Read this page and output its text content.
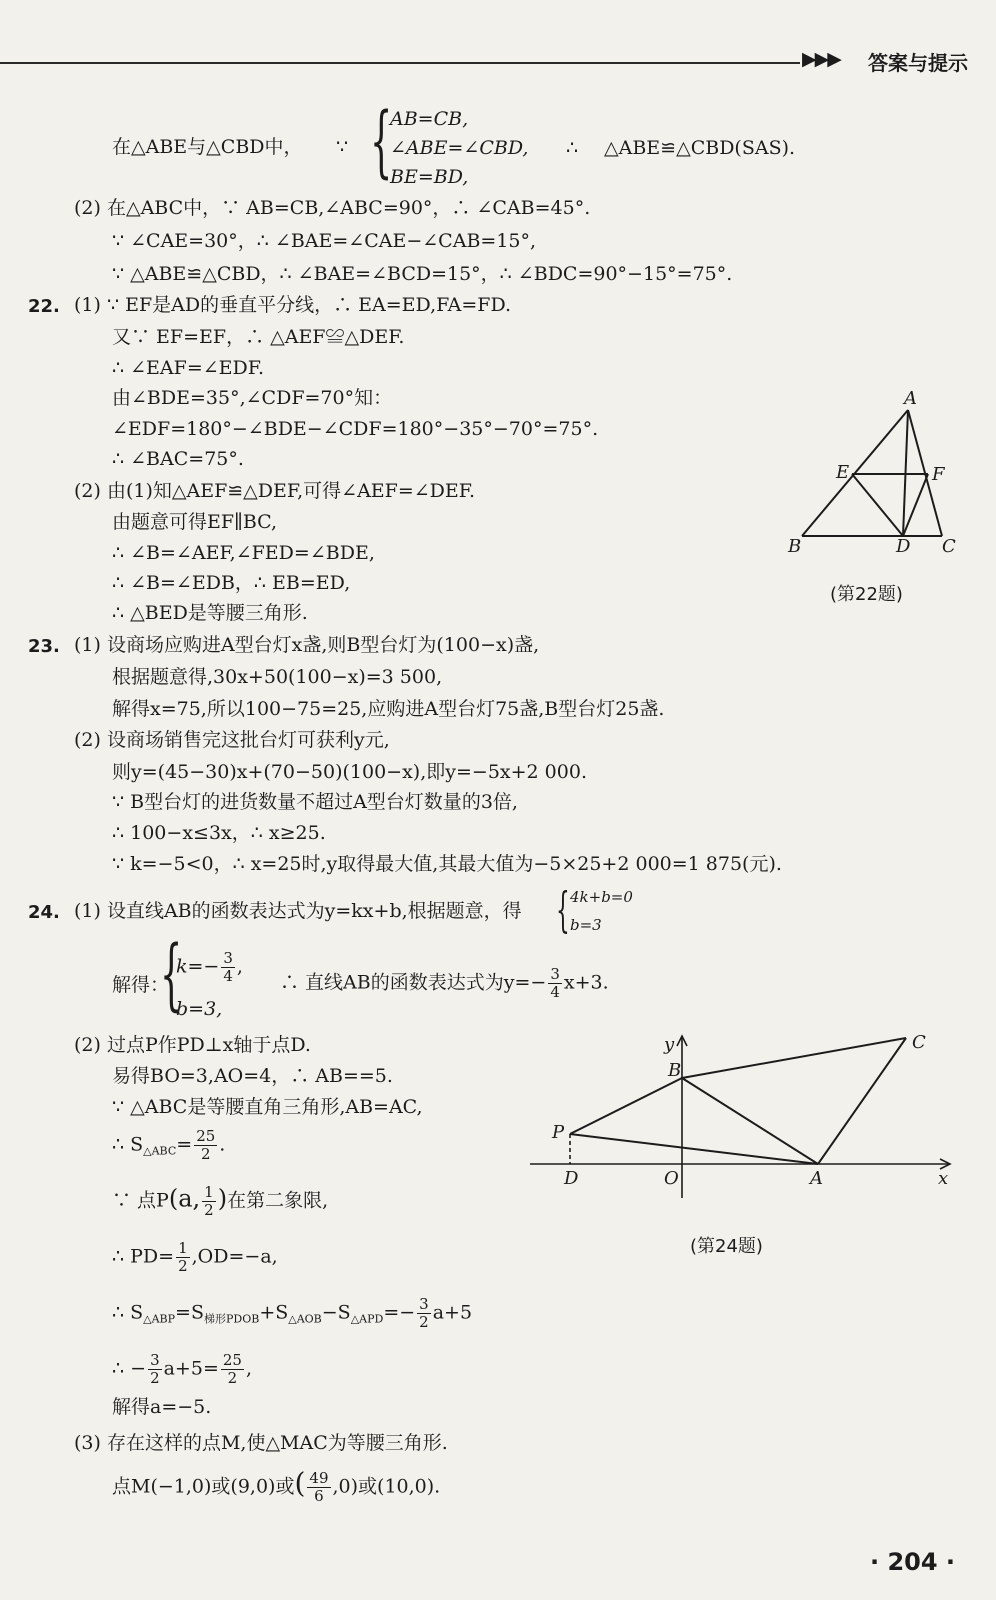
▶▶▶ 答案与提示
在△ABE与△CBD中， ∵ {
AB=CB,
∠ABE=∠CBD,
BE=BD,
∴ △ABE≌△CBD(SAS).
(2) 在△ABC中，∵ AB=CB,∠ABC=90°，∴ ∠CAB=45°.
∵ ∠CAE=30°，∴ ∠BAE=∠CAE−∠CAB=15°,
∵ △ABE≌△CBD，∴ ∠BAE=∠BCD=15°，∴ ∠BDC=90°−15°=75°.
22. (1) ∵ EF是AD的垂直平分线，∴ EA=ED,FA=FD.
又∵ EF=EF，∴ △AEF≌△DEF.
∴ ∠EAF=∠EDF.
由∠BDE=35°,∠CDF=70°知：
∠EDF=180°−∠BDE−∠CDF=180°−35°−70°=75°.
∴ ∠BAC=75°.
(2) 由(1)知△AEF≌△DEF,可得∠AEF=∠DEF.
由题意可得EF∥BC,
∴ ∠B=∠AEF,∠FED=∠BDE,
∴ ∠B=∠EDB，∴ EB=ED,
∴ △BED是等腰三角形.
A
E	F
B	D C
(第22题)
23. (1) 设商场应购进A型台灯x盏,则B型台灯为(100−x)盏,
根据题意得,30x+50(100−x)=3 500,
解得x=75,所以100−75=25,应购进A型台灯75盏,B型台灯25盏.
(2) 设商场销售完这批台灯可获利y元,
则y=(45−30)x+(70−50)(100−x),即y=−5x+2 000.
∵ B型台灯的进货数量不超过A型台灯数量的3倍,
∴ 100−x≤3x，∴ x≥25.
∵ k=−5<0，∴ x=25时,y取得最大值,其最大值为−5×25+2 000=1 875(元).
24. (1) 设直线AB的函数表达式为y=kx+b,根据题意，得 { 4k+b=0
b=3
解得：
{
$k=- \frac{3}{4}$ ,
b=3,
∴ 直线AB的函数表达式为$y=- \frac{3}{4} x+3$.
(2) 过点P作PD⊥x轴于点D.
易得BO=3,AO=4，∴ AB==5.
∵ △ABC是等腰直角三角形,AB=AC,
∴ $S_{\triangle ABC}= \frac{25}{2}$ .
∵ 点P(a, $\frac{1}{2}$ )在第二象限,
∴ $PD= \frac{1}{2} ,OD=-a$,
∴ $S_{\triangle ABP}=S_{梯形PDOB}+S_{\triangle AOB}-S_{\triangle APD}=- \frac{3}{2} a+5$
∴ − $\frac{3}{2} a+5= \frac{25}{2}$ ,
解得a=−5.
(3) 存在这样的点M,使△MAC为等腰三角形.
点M(−1,0)或(9,0)或( $\frac{49}{6} ,0$)或(10,0).
y
x
O	A
B
C
P
D
(第24题)
· 204 ·
